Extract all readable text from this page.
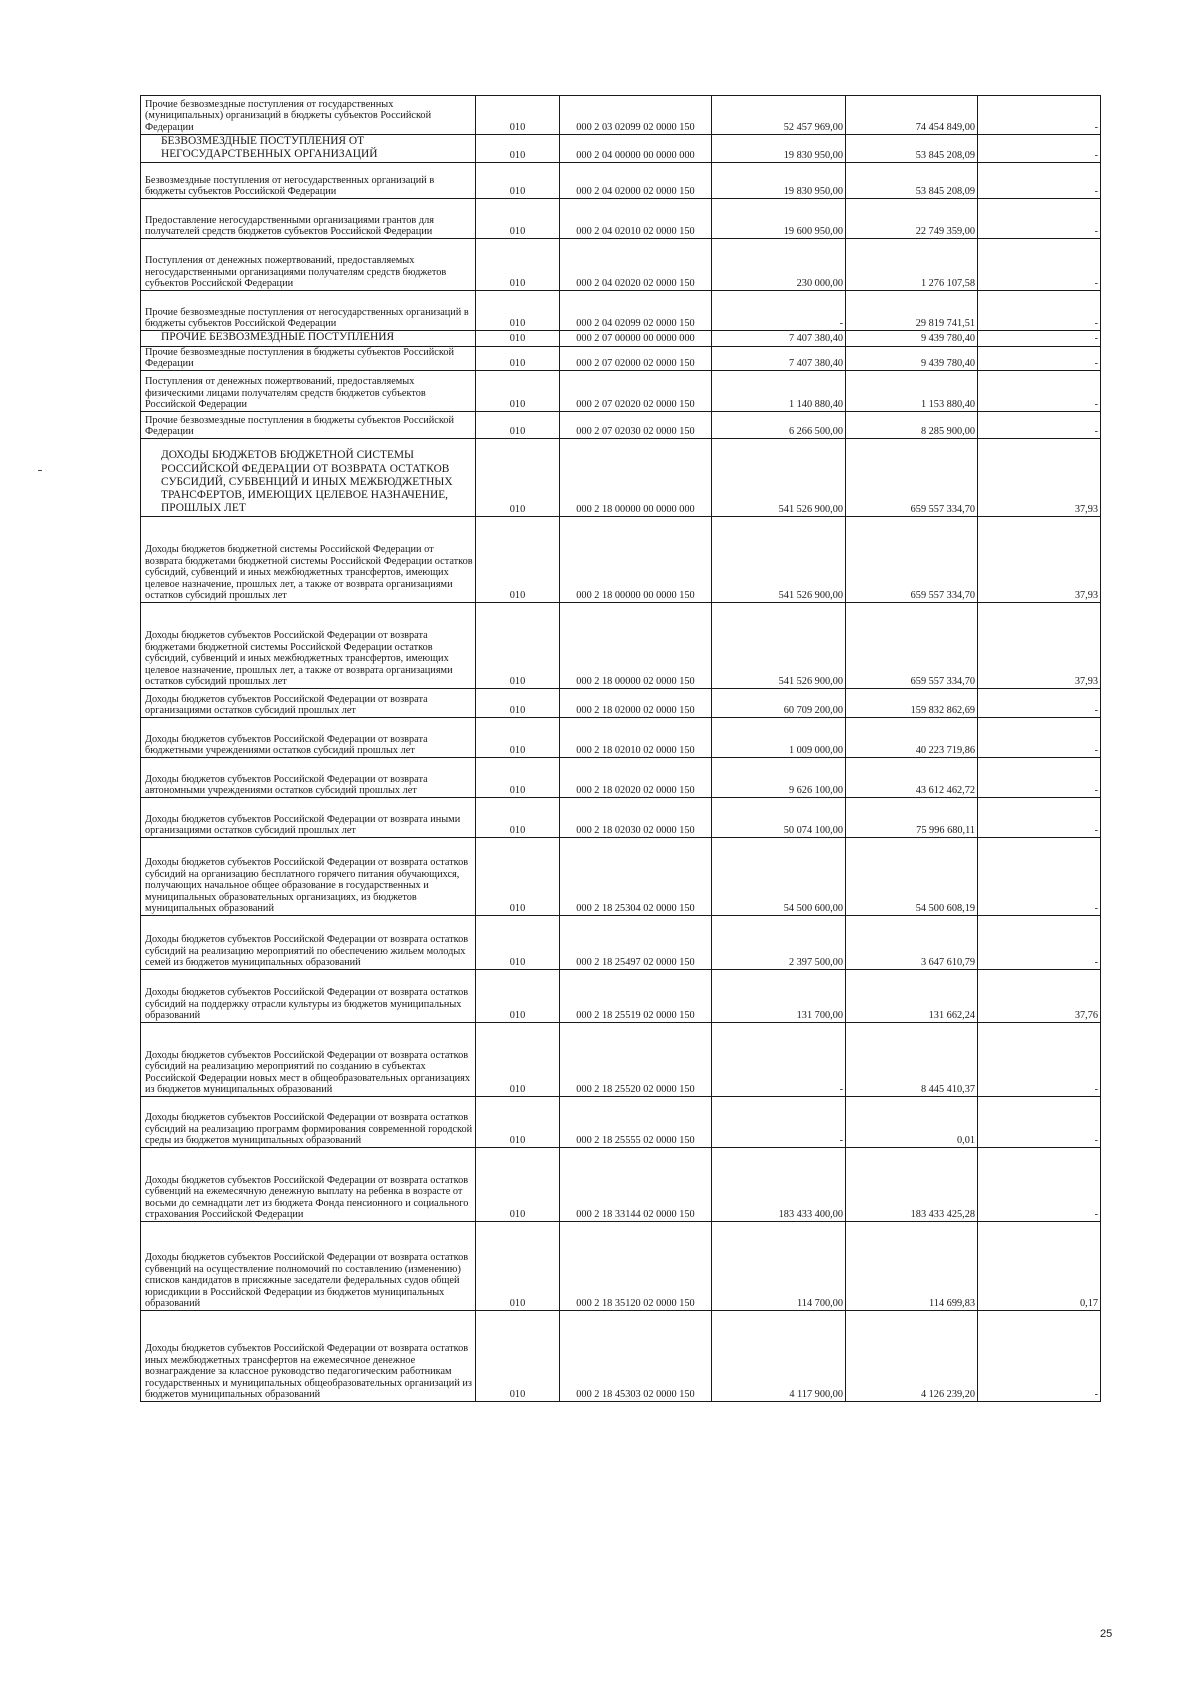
Прочие безвозмездные поступления от государственных (муниципальных) организаций в бюджеты субъектов Российской Федерации	010	000 2 03 02099 02 0000 150	52 457 969,00	74 454 849,00	-
БЕЗВОЗМЕЗДНЫЕ ПОСТУПЛЕНИЯ ОТ НЕГОСУДАРСТВЕННЫХ ОРГАНИЗАЦИЙ	010	000 2 04 00000 00 0000 000	19 830 950,00	53 845 208,09	-
Безвозмездные поступления от негосударственных организаций в бюджеты субъектов Российской Федерации	010	000 2 04 02000 02 0000 150	19 830 950,00	53 845 208,09	-
Предоставление негосударственными организациями грантов для получателей средств бюджетов субъектов Российской Федерации	010	000 2 04 02010 02 0000 150	19 600 950,00	22 749 359,00	-
Поступления от денежных пожертвований, предоставляемых негосударственными организациями получателям средств бюджетов субъектов Российской Федерации	010	000 2 04 02020 02 0000 150	230 000,00	1 276 107,58	-
Прочие безвозмездные поступления от негосударственных организаций в бюджеты субъектов Российской Федерации	010	000 2 04 02099 02 0000 150	-	29 819 741,51	-
ПРОЧИЕ БЕЗВОЗМЕЗДНЫЕ ПОСТУПЛЕНИЯ	010	000 2 07 00000 00 0000 000	7 407 380,40	9 439 780,40	-
Прочие безвозмездные поступления в бюджеты субъектов Российской Федерации	010	000 2 07 02000 02 0000 150	7 407 380,40	9 439 780,40	-
Поступления от денежных пожертвований, предоставляемых физическими лицами получателям средств бюджетов субъектов Российской Федерации	010	000 2 07 02020 02 0000 150	1 140 880,40	1 153 880,40	-
Прочие безвозмездные поступления в бюджеты субъектов Российской Федерации	010	000 2 07 02030 02 0000 150	6 266 500,00	8 285 900,00	-
ДОХОДЫ БЮДЖЕТОВ БЮДЖЕТНОЙ СИСТЕМЫ РОССИЙСКОЙ ФЕДЕРАЦИИ ОТ ВОЗВРАТА ОСТАТКОВ СУБСИДИЙ, СУБВЕНЦИЙ И ИНЫХ МЕЖБЮДЖЕТНЫХ ТРАНСФЕРТОВ, ИМЕЮЩИХ ЦЕЛЕВОЕ НАЗНАЧЕНИЕ, ПРОШЛЫХ ЛЕТ	010	000 2 18 00000 00 0000 000	541 526 900,00	659 557 334,70	37,93
Доходы бюджетов бюджетной системы Российской Федерации от возврата бюджетами бюджетной системы Российской Федерации остатков субсидий, субвенций и иных межбюджетных трансфертов, имеющих целевое назначение, прошлых лет, а также от возврата организациями остатков субсидий прошлых лет	010	000 2 18 00000 00 0000 150	541 526 900,00	659 557 334,70	37,93
Доходы бюджетов субъектов Российской Федерации от возврата бюджетами бюджетной системы Российской Федерации остатков субсидий, субвенций и иных межбюджетных трансфертов, имеющих целевое назначение, прошлых лет, а также от возврата организациями остатков субсидий прошлых лет	010	000 2 18 00000 02 0000 150	541 526 900,00	659 557 334,70	37,93
Доходы бюджетов субъектов Российской Федерации от возврата организациями остатков субсидий прошлых лет	010	000 2 18 02000 02 0000 150	60 709 200,00	159 832 862,69	-
Доходы бюджетов субъектов Российской Федерации от возврата бюджетными учреждениями остатков субсидий прошлых лет	010	000 2 18 02010 02 0000 150	1 009 000,00	40 223 719,86	-
Доходы бюджетов субъектов Российской Федерации от возврата автономными учреждениями остатков субсидий прошлых лет	010	000 2 18 02020 02 0000 150	9 626 100,00	43 612 462,72	-
Доходы бюджетов субъектов Российской Федерации от возврата иными организациями остатков субсидий прошлых лет	010	000 2 18 02030 02 0000 150	50 074 100,00	75 996 680,11	-
Доходы бюджетов субъектов Российской Федерации от возврата остатков субсидий на организацию бесплатного горячего питания обучающихся, получающих начальное общее образование в государственных и муниципальных образовательных организациях, из бюджетов муниципальных образований	010	000 2 18 25304 02 0000 150	54 500 600,00	54 500 608,19	-
Доходы бюджетов субъектов Российской Федерации от возврата остатков субсидий на реализацию мероприятий по обеспечению жильем молодых семей из бюджетов муниципальных образований	010	000 2 18 25497 02 0000 150	2 397 500,00	3 647 610,79	-
Доходы бюджетов субъектов Российской Федерации от возврата остатков субсидий на поддержку отрасли культуры из бюджетов муниципальных образований	010	000 2 18 25519 02 0000 150	131 700,00	131 662,24	37,76
Доходы бюджетов субъектов Российской Федерации от возврата остатков субсидий на реализацию мероприятий по созданию в субъектах Российской Федерации новых мест в общеобразовательных организациях из бюджетов муниципальных образований	010	000 2 18 25520 02 0000 150	-	8 445 410,37	-
Доходы бюджетов субъектов Российской Федерации от возврата остатков субсидий на реализацию программ формирования современной городской среды из бюджетов муниципальных образований	010	000 2 18 25555 02 0000 150	-	0,01	-
Доходы бюджетов субъектов Российской Федерации от возврата остатков субвенций на ежемесячную денежную выплату на ребенка в возрасте от восьми до семнадцати лет из бюджета Фонда пенсионного и социального страхования Российской Федерации	010	000 2 18 33144 02 0000 150	183 433 400,00	183 433 425,28	-
Доходы бюджетов субъектов Российской Федерации от возврата остатков субвенций на осуществление полномочий по составлению (изменению) списков кандидатов в присяжные заседатели федеральных судов общей юрисдикции в Российской Федерации из бюджетов муниципальных образований	010	000 2 18 35120 02 0000 150	114 700,00	114 699,83	0,17
Доходы бюджетов субъектов Российской Федерации от возврата остатков иных межбюджетных трансфертов на ежемесячное денежное вознаграждение за классное руководство педагогическим работникам государственных и муниципальных общеобразовательных организаций из бюджетов муниципальных образований	010	000 2 18 45303 02 0000 150	4 117 900,00	4 126 239,20	-
25
